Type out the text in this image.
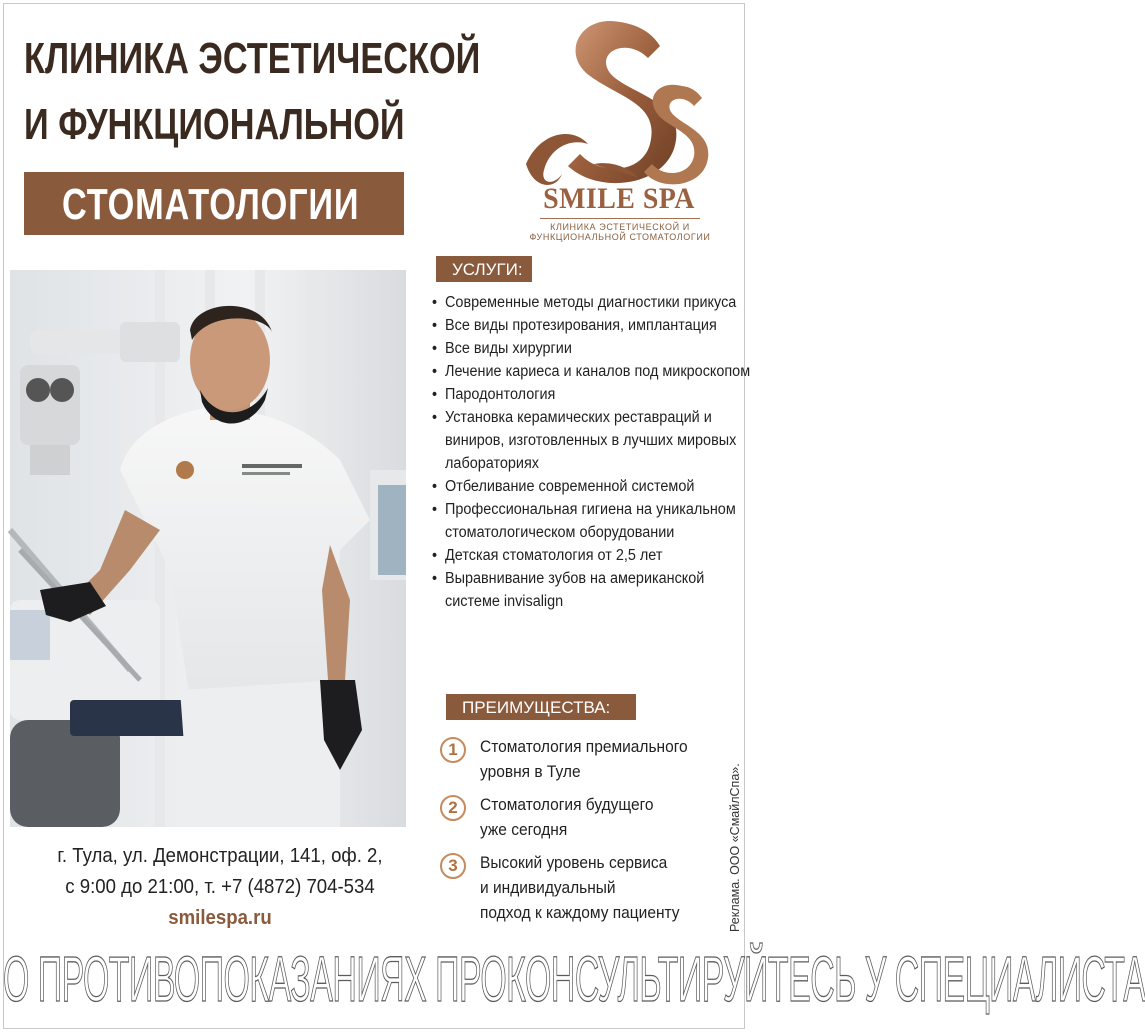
КЛИНИКА ЭСТЕТИЧЕСКОЙ
И ФУНКЦИОНАЛЬНОЙ
СТОМАТОЛОГИИ	SMILE SPA
КЛИНИКА ЭСТЕТИЧЕСКОЙ И
ФУНКЦИОНАЛЬНОЙ СТОМАТОЛОГИИ
УСЛУГИ:
• Современные методы диагностики прикуса
• Все виды протезирования, имплантация
• Все виды хирургии
• Лечение кариеса и каналов под микроскопом
• Пародонтология
• Установка керамических реставраций и виниров, изготовленных в лучших мировых лабораториях
• Отбеливание современной системой
• Профессиональная гигиена на уникальном стоматологическом оборудовании
• Детская стоматология от 2,5 лет
• Выравнивание зубов на американской системе invisalign
ПРЕИМУЩЕСТВА:
1	Стоматология премиального
уровня в Туле
2	Стоматология будущего
уже сегодня
3	Высокий уровень сервиса
и индивидуальный
подход к каждому пациенту
г. Тула, ул. Демонстрации, 141, оф. 2,
с 9:00 до 21:00, т. +7 (4872) 704-534
smilespa.ru	Реклама. ООО «СмайлСпа».
О ПРОТИВОПОКАЗАНИЯХ ПРОКОНСУЛЬТИРУЙТЕСЬ У СПЕЦИАЛИСТА
